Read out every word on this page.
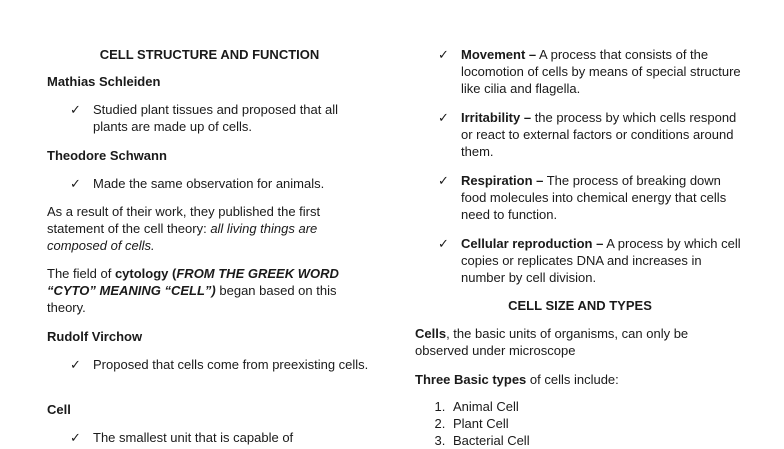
CELL STRUCTURE AND FUNCTION
Mathias Schleiden
✓ Studied plant tissues and proposed that all plants are made up of cells.
Theodore Schwann
✓ Made the same observation for animals.

As a result of their work, they published the first statement of the cell theory: all living things are composed of cells.

The field of cytology (FROM THE GREEK WORD “CYTO” MEANING “CELL”) began based on this theory.

Rudolf Virchow
✓ Proposed that cells come from preexisting cells.
Cell
✓ The smallest unit that is capable of
✓ Movement – A process that consists of the locomotion of cells by means of special structure like cilia and flagella.
✓ Irritability – the process by which cells respond or react to external factors or conditions around them.
✓ Respiration – The process of breaking down food molecules into chemical energy that cells need to function.
✓ Cellular reproduction – A process by which cell copies or replicates DNA and increases in number by cell division.
CELL SIZE AND TYPES

Cells, the basic units of organisms, can only be observed under microscope

Three Basic types of cells include:

1. Animal Cell
2. Plant Cell
3. Bacterial Cell
